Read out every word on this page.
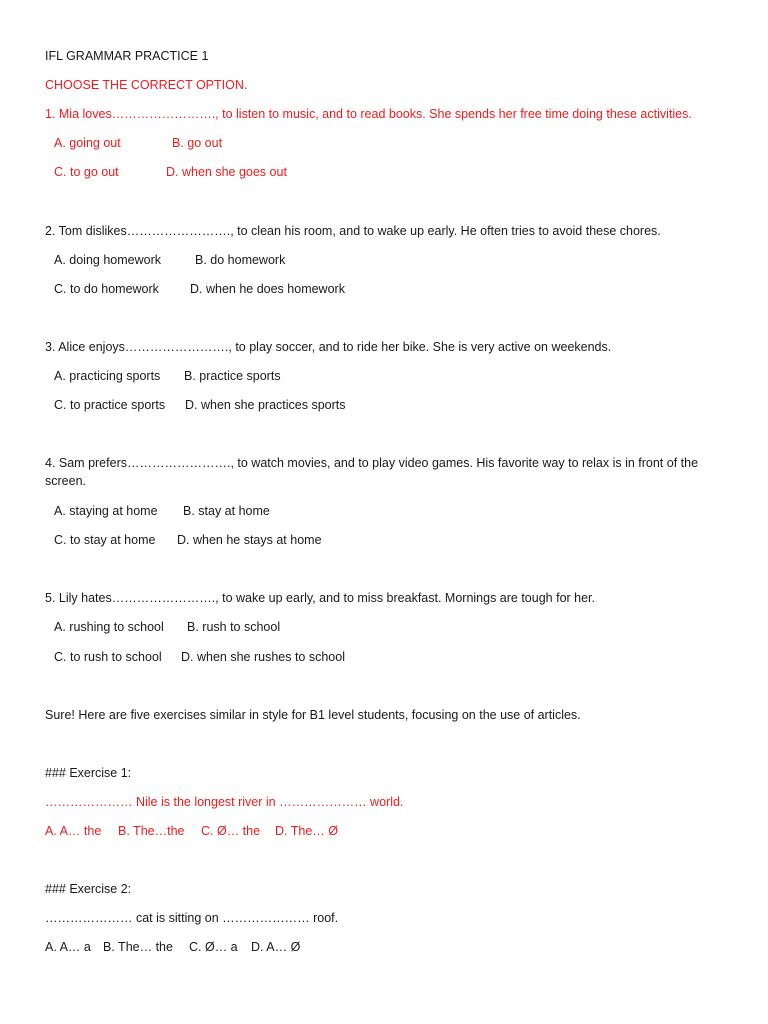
IFL GRAMMAR PRACTICE 1
CHOOSE THE CORRECT OPTION.
1. Mia loves……………………., to listen to music, and to read books. She spends her free time doing these activities.
A. going out	B. go out
C. to go out	D. when she goes out
2. Tom dislikes……………………., to clean his room, and to wake up early. He often tries to avoid these chores.
A. doing homework	B. do homework
C. to do homework D. when he does homework
3. Alice enjoys……………………., to play soccer, and to ride her bike. She is very active on weekends.
A. practicing sports B. practice sports
C. to practice sports D. when she practices sports
4. Sam prefers……………………., to watch movies, and to play video games. His favorite way to relax is in front of the screen.
A. staying at home B. stay at home
C. to stay at home D. when he stays at home
5. Lily hates……………………., to wake up early, and to miss breakfast. Mornings are tough for her.
A. rushing to school B. rush to school
C. to rush to school D. when she rushes to school
Sure! Here are five exercises similar in style for B1 level students, focusing on the use of articles.
### Exercise 1:
………………… Nile is the longest river in ………………… world.
A. A… the B. The…the C. Ø… the D. The… Ø
### Exercise 2:
………………… cat is sitting on ………………… roof.
A. A… a B. The… the C. Ø… a D. A… Ø
